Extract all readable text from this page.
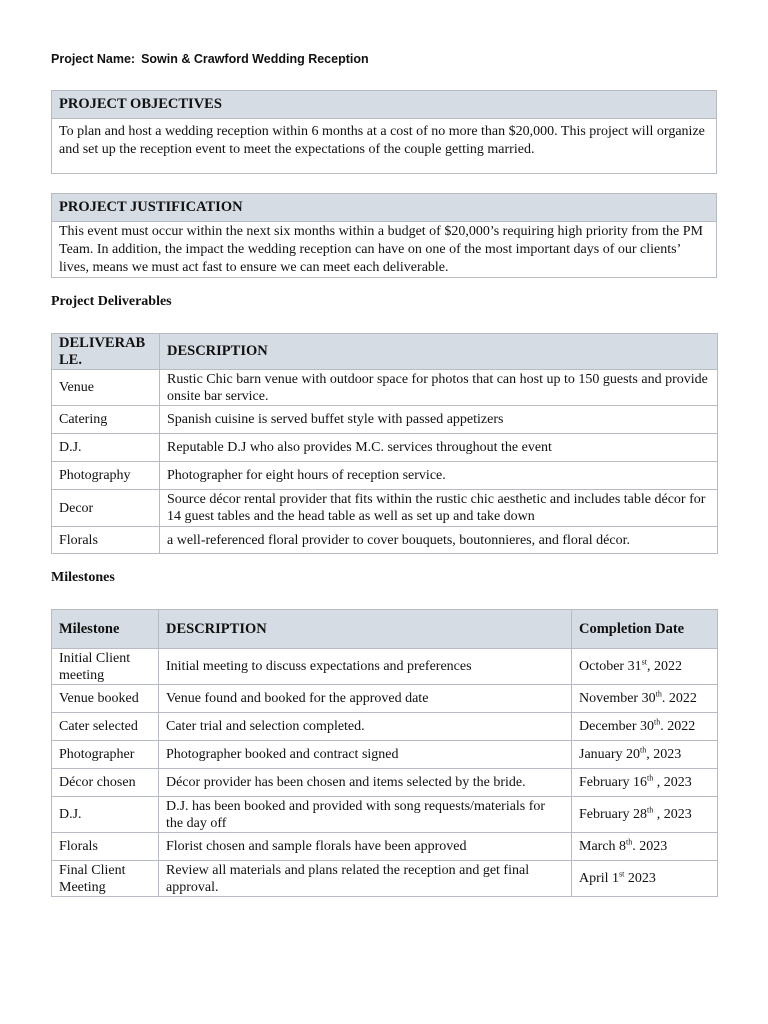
Project Name: Sowin & Crawford Wedding Reception
PROJECT OBJECTIVES
To plan and host a wedding reception within 6 months at a cost of no more than $20,000. This project will organize and set up the reception event to meet the expectations of the couple getting married.
PROJECT JUSTIFICATION
This event must occur within the next six months within a budget of $20,000’s requiring high priority from the PM Team. In addition, the impact the wedding reception can have on one of the most important days of our clients’ lives, means we must act fast to ensure we can meet each deliverable.
Project Deliverables
DELIVERAB LE.	DESCRIPTION
Venue	Rustic Chic barn venue with outdoor space for photos that can host up to 150 guests and provide onsite bar service.
Catering	Spanish cuisine is served buffet style with passed appetizers
D.J.	Reputable D.J who also provides M.C. services throughout the event
Photography	Photographer for eight hours of reception service.
Decor	Source décor rental provider that fits within the rustic chic aesthetic and includes table décor for 14 guest tables and the head table as well as set up and take down
Florals	a well-referenced floral provider to cover bouquets, boutonnieres, and floral décor.
Milestones
Milestone	DESCRIPTION	Completion Date
Initial Client meeting	Initial meeting to discuss expectations and preferences	October 31st, 2022
Venue booked	Venue found and booked for the approved date	November 30th. 2022
Cater selected	Cater trial and selection completed.	December 30th. 2022
Photographer	Photographer booked and contract signed	January 20th, 2023
Décor chosen	Décor provider has been chosen and items selected by the bride.	February 16th , 2023
D.J.	D.J. has been booked and provided with song requests/materials for the day off	February 28th , 2023
Florals	Florist chosen and sample florals have been approved	March 8th. 2023
Final Client Meeting	Review all materials and plans related the reception and get final approval.	April 1st 2023
